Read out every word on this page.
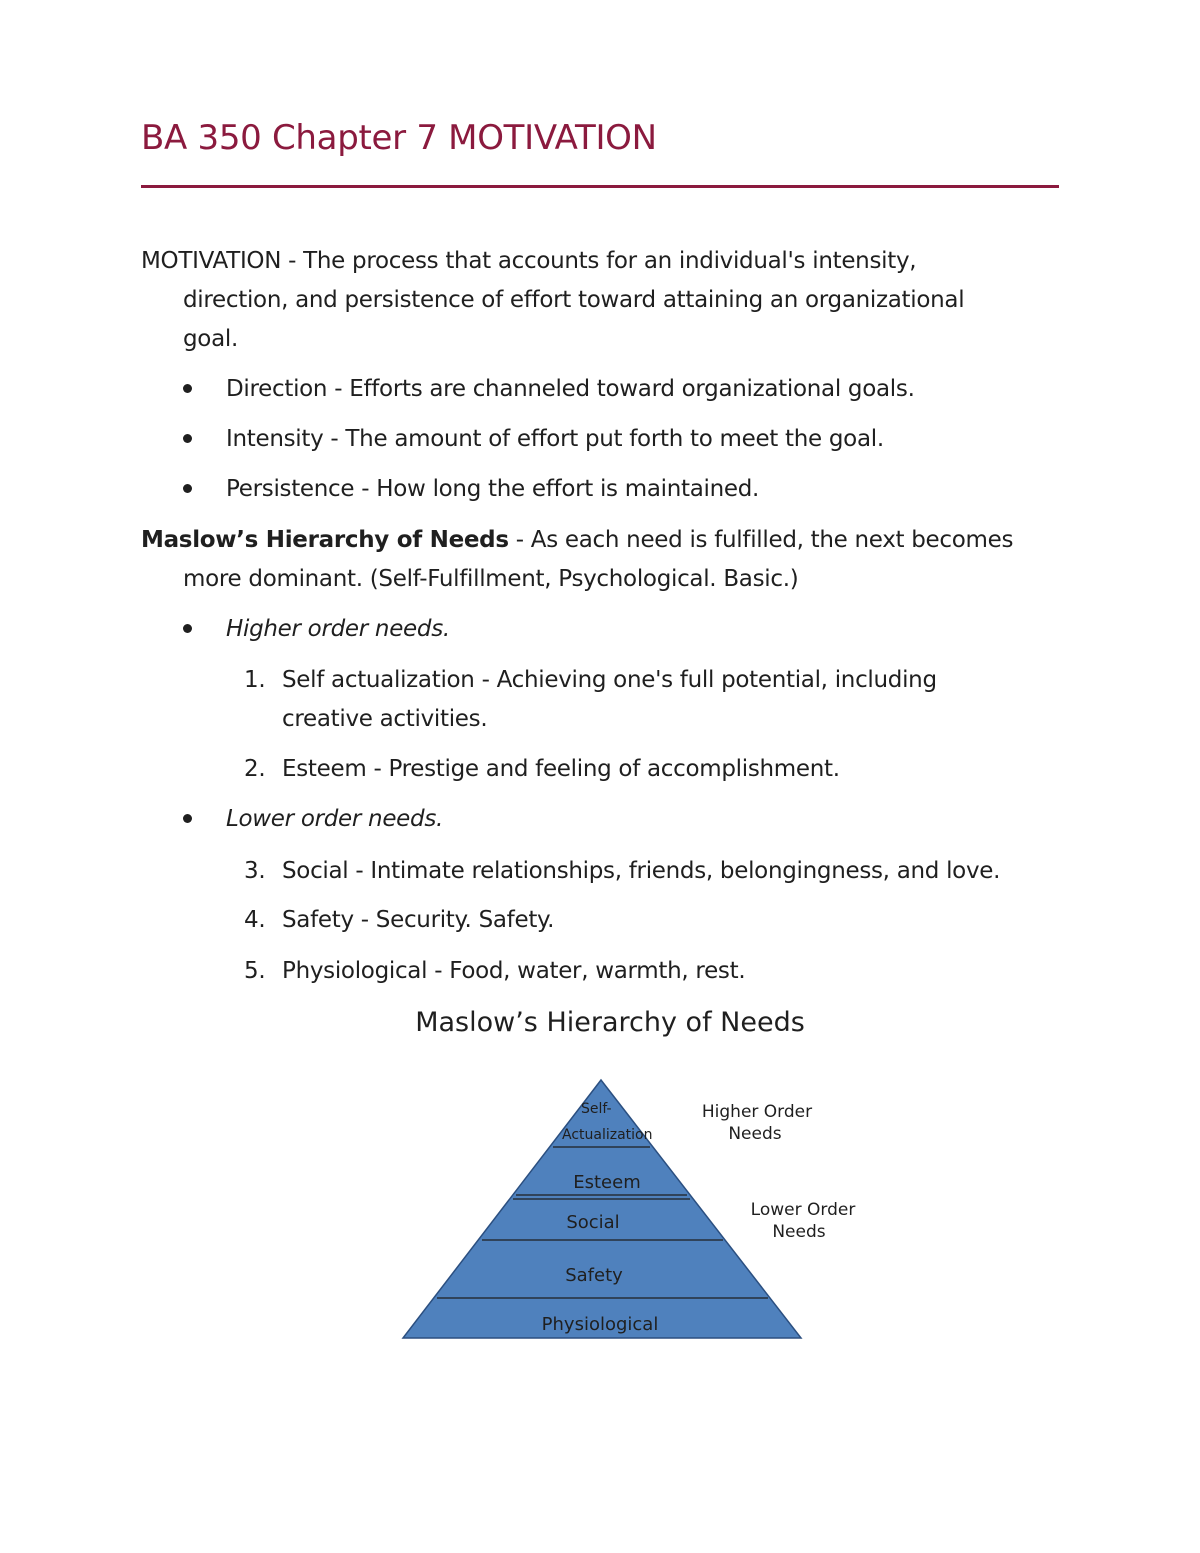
BA 350 Chapter 7 MOTIVATION
MOTIVATION - The process that accounts for an individual's intensity,
direction, and persistence of effort toward attaining an organizational
goal.
Direction - Efforts are channeled toward organizational goals.
Intensity - The amount of effort put forth to meet the goal.
Persistence - How long the effort is maintained.
Maslow’s Hierarchy of Needs - As each need is fulfilled, the next becomes
more dominant. (Self-Fulfillment, Psychological. Basic.)
Higher order needs.
1. Self actualization - Achieving one's full potential, including
creative activities.
2. Esteem - Prestige and feeling of accomplishment.
Lower order needs.
3. Social - Intimate relationships, friends, belongingness, and love.
4. Safety - Security. Safety.
5. Physiological - Food, water, warmth, rest.
Maslow’s Hierarchy of Needs
Self-
Actualization
Esteem
Social
Safety
Physiological
Higher Order
Needs
Lower Order
Needs
